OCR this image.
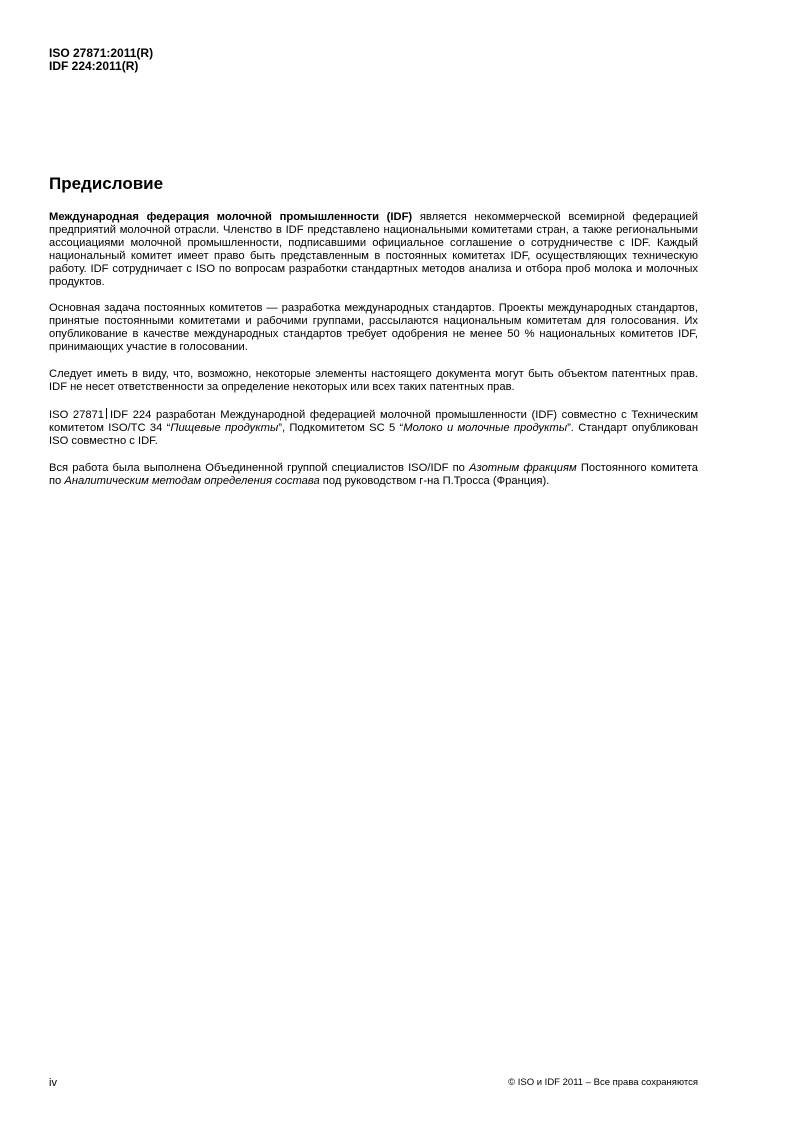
ISO 27871:2011(R)
IDF 224:2011(R)
Предисловие

Международная федерация молочной промышленности (IDF) является некоммерческой всемирной федерацией предприятий молочной отрасли. Членство в IDF представлено национальными комитетами стран, а также региональными ассоциациями молочной промышленности, подписавшими официальное соглашение о сотрудничестве с IDF. Каждый национальный комитет имеет право быть представленным в постоянных комитетах IDF, осуществляющих техническую работу. IDF сотрудничает с ISO по вопросам разработки стандартных методов анализа и отбора проб молока и молочных продуктов.

Основная задача постоянных комитетов — разработка международных стандартов. Проекты международных стандартов, принятые постоянными комитетами и рабочими группами, рассылаются национальным комитетам для голосования. Их опубликование в качестве международных стандартов требует одобрения не менее 50 % национальных комитетов IDF, принимающих участие в голосовании.

Следует иметь в виду, что, возможно, некоторые элементы настоящего документа могут быть объектом патентных прав. IDF не несет ответственности за определение некоторых или всех таких патентных прав.

ISO 27871 IDF 224 разработан Международной федерацией молочной промышленности (IDF) совместно с Техническим комитетом ISO/TC 34 “Пищевые продукты”, Подкомитетом SC 5 “Молоко и молочные продукты”. Стандарт опубликован ISO совместно с IDF.

Вся работа была выполнена Объединенной группой специалистов ISO/IDF по Азотным фракциям Постоянного комитета по Аналитическим методам определения состава под руководством г-на П.Тросса (Франция).

iv	© ISO и IDF 2011 – Все права сохраняются
